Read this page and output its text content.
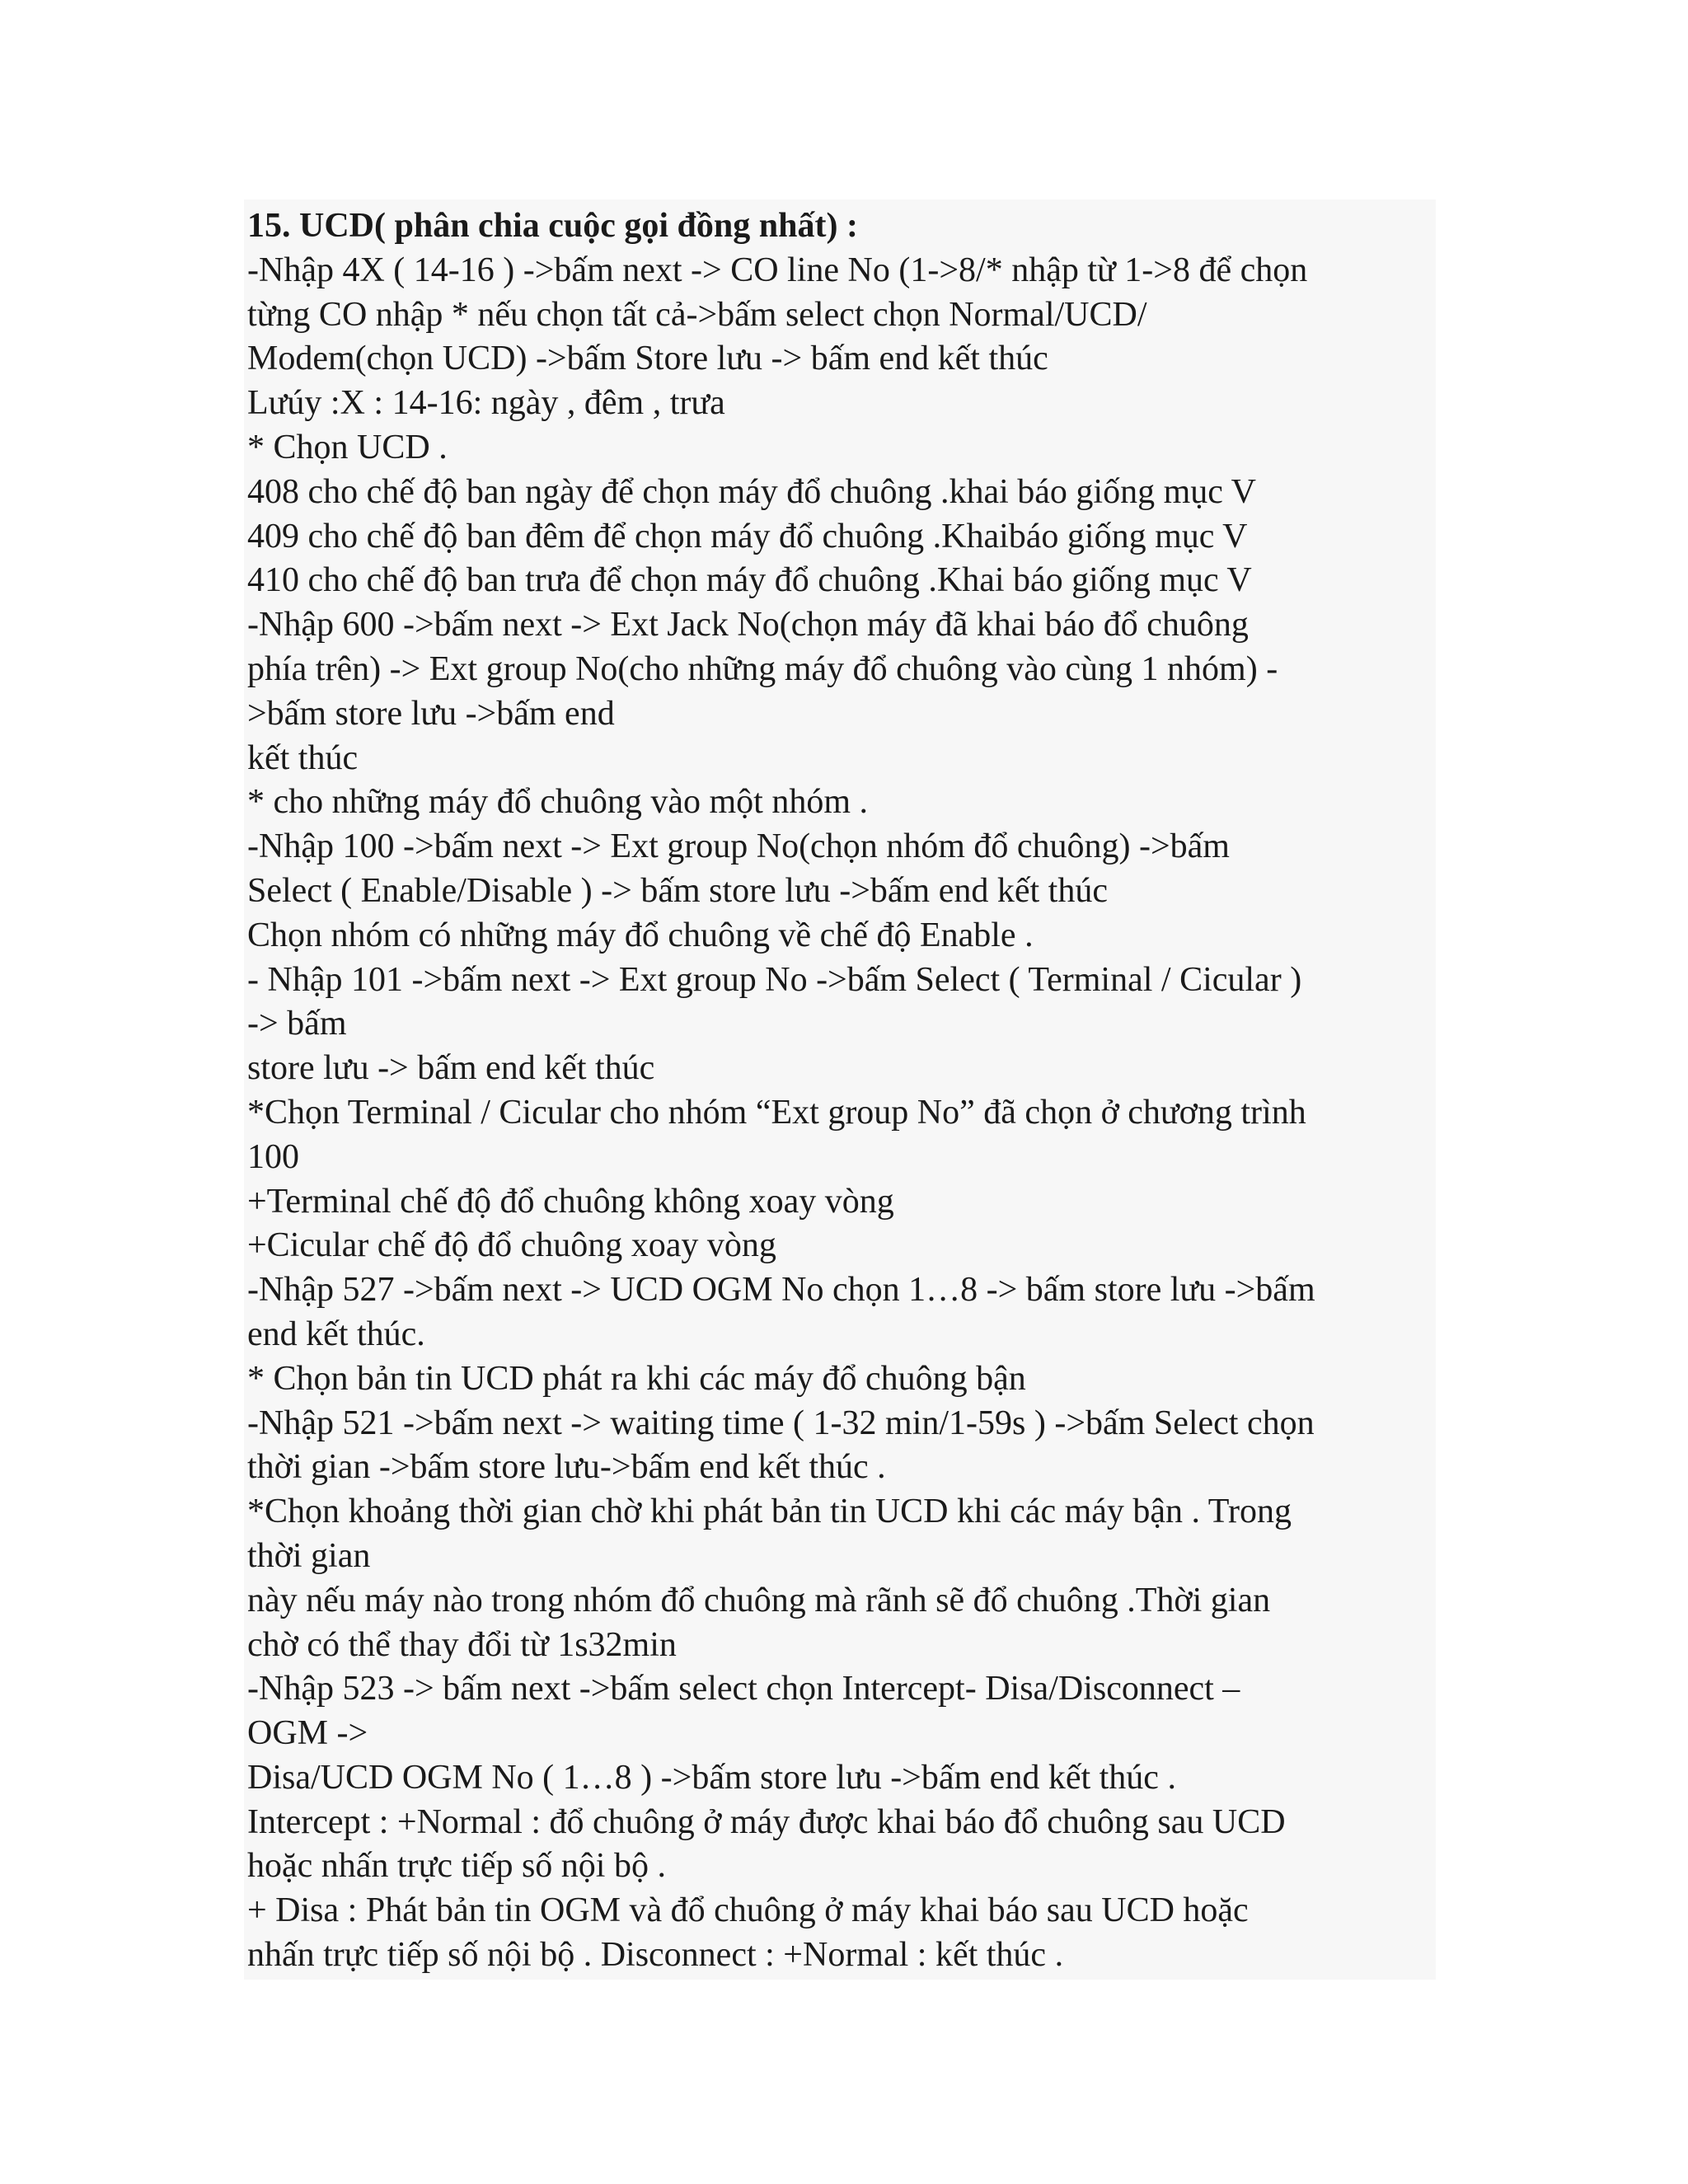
15. UCD( phân chia cuộc gọi đồng nhất) :
-Nhập 4X ( 14-16 ) ->bấm next -> CO line No (1->8/* nhập từ 1->8 để chọn
từng CO nhập * nếu chọn tất cả->bấm select chọn Normal/UCD/
Modem(chọn UCD) ->bấm Store lưu -> bấm end kết thúc
Lưúy :X : 14-16: ngày , đêm , trưa
* Chọn UCD .
408 cho chế độ ban ngày để chọn máy đổ chuông .khai báo giống mục V
409 cho chế độ ban đêm để chọn máy đổ chuông .Khaibáo giống mục V
410 cho chế độ ban trưa để chọn máy đổ chuông .Khai báo giống mục V
-Nhập 600 ->bấm next -> Ext Jack No(chọn máy đã khai báo đổ chuông
phía trên) -> Ext group No(cho những máy đổ chuông vào cùng 1 nhóm) -
>bấm store lưu ->bấm end
kết thúc
* cho những máy đổ chuông vào một nhóm .
-Nhập 100 ->bấm next -> Ext group No(chọn nhóm đổ chuông) ->bấm
Select ( Enable/Disable ) -> bấm store lưu ->bấm end kết thúc
Chọn nhóm có những máy đổ chuông về chế độ Enable .
- Nhập 101 ->bấm next -> Ext group No ->bấm Select ( Terminal / Cicular )
-> bấm
store lưu -> bấm end kết thúc
*Chọn Terminal / Cicular cho nhóm “Ext group No” đã chọn ở chương trình
100
+Terminal chế độ đổ chuông không xoay vòng
+Cicular chế độ đổ chuông xoay vòng
-Nhập 527 ->bấm next -> UCD OGM No chọn 1…8 -> bấm store lưu ->bấm
end kết thúc.
* Chọn bản tin UCD phát ra khi các máy đổ chuông bận
-Nhập 521 ->bấm next -> waiting time ( 1-32 min/1-59s ) ->bấm Select chọn
thời gian ->bấm store lưu->bấm end kết thúc .
*Chọn khoảng thời gian chờ khi phát bản tin UCD khi các máy bận . Trong
thời gian
này nếu máy nào trong nhóm đổ chuông mà rãnh sẽ đổ chuông .Thời gian
chờ có thể thay đổi từ 1s32min
-Nhập 523 -> bấm next ->bấm select chọn Intercept- Disa/Disconnect –
OGM ->
Disa/UCD OGM No ( 1…8 ) ->bấm store lưu ->bấm end kết thúc .
Intercept : +Normal : đổ chuông ở máy được khai báo đổ chuông sau UCD
hoặc nhấn trực tiếp số nội bộ .
+ Disa : Phát bản tin OGM và đổ chuông ở máy khai báo sau UCD hoặc
nhấn trực tiếp số nội bộ . Disconnect : +Normal : kết thúc .
